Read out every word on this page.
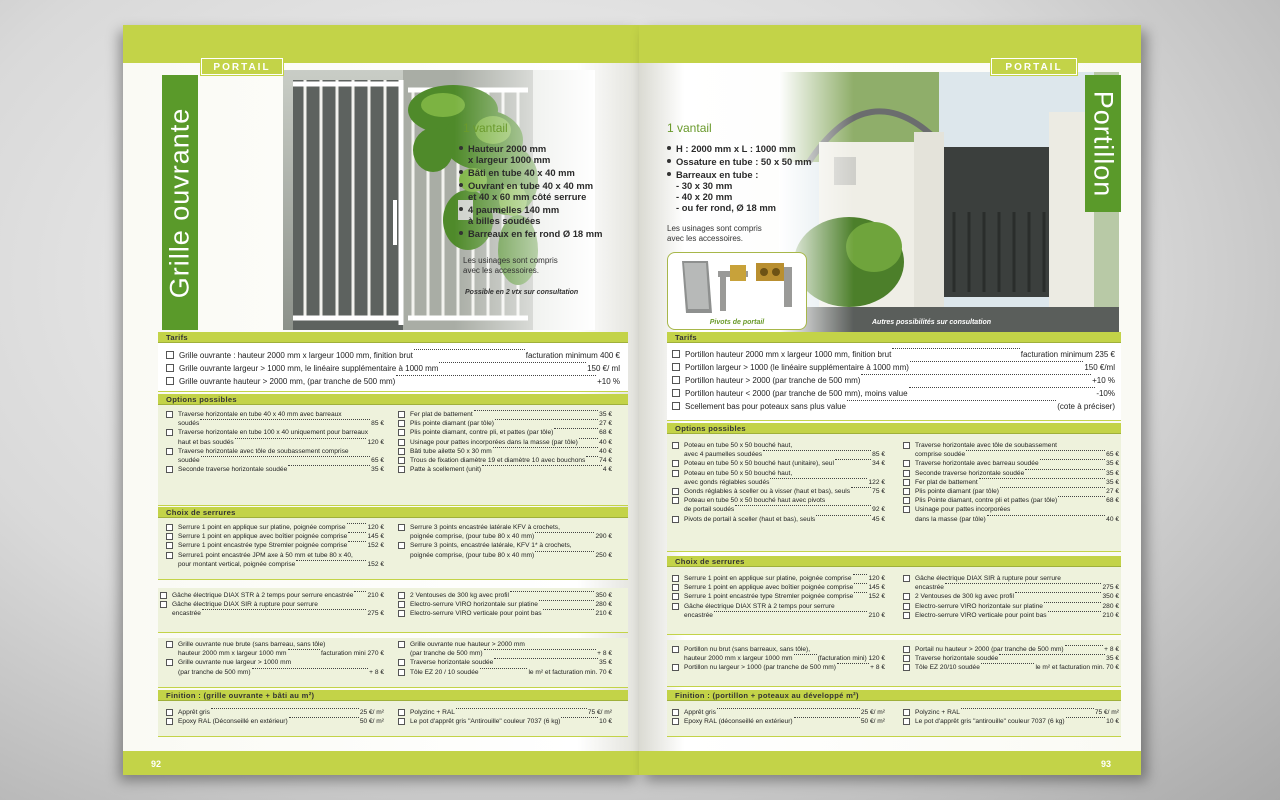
PORTAIL
Grille ouvrante	1 vantail
Hauteur 2000 mm
x largeur 1000 mm
Bâti en tube 40 x 40 mm
Ouvrant en tube 40 x 40 mm
et 40 x 60 mm côté serrure
4 paumelles 140 mm
à billes soudées
Barreaux en fer rond Ø 18 mm
Les usinages sont compris
avec les accessoires.
Possible en 2 vtx sur consultation
Tarifs
Grille ouvrante : hauteur 2000 mm x largeur 1000 mm, finition brut	facturation minimum 400 €
Grille ouvrante largeur > 1000 mm, le linéaire supplémentaire à 1000 mm	150 €/ ml
Grille ouvrante hauteur > 2000 mm, (par tranche de 500 mm)	+10 %
Options possibles
Traverse horizontale en tube 40 x 40 mm avec barreaux
soudés	85 €
Traverse horizontale en tube 100 x 40 uniquement pour barreaux
haut et bas soudés	120 €
Traverse horizontale avec tôle de soubassement comprise
soudée	65 €
Seconde traverse horizontale soudée	35 €
Fer plat de battement	35 €
Plis pointe diamant (par tôle)	27 €
Plis pointe diamant, contre pli, et pattes (par tôle)	68 €
Usinage pour pattes incorporées dans la masse (par tôle)	40 €
Bâti tube ailette 50 x 30 mm	40 €
Trous de fixation diamètre 19 et diamètre 10 avec bouchons 74 €
Patte à scellement (unit)	4 €
Choix de serrures
Serrure 1 point en applique sur platine, poignée comprise	120 €
Serrure 1 point en applique avec boîtier poignée comprise	145 €
Serrure 1 point encastrée type Stremler poignée comprise	152 €
Serrure1 point encastrée JPM axe à 50 mm et tube 80 x 40,
pour montant vertical, poignée comprise	152 €
Serrure 3 points encastrée latérale KFV à crochets,
poignée comprise, (pour tube 80 x 40 mm)	290 €
Serrure 3 points, encastrée latérale, KFV 1* à crochets,
poignée comprise, (pour tube 80 x 40 mm)	250 €
Gâche électrique DIAX STR à 2 temps pour serrure encastrée 210 €
Gâche électrique DIAX SIR à rupture pour serrure
encastrée	275 €
2 Ventouses de 300 kg avec profil	350 €
Electro-serrure VIRO horizontale sur platine	280 €
Electro-serrure VIRO verticale pour point bas	210 €
Grille ouvrante nue brute (sans barreau, sans tôle)
hauteur 2000 mm x largeur 1000 mm	facturation mini 270 €
Grille ouvrante nue largeur > 1000 mm
(par tranche de 500 mm)	+ 8 €
Grille ouvrante nue hauteur > 2000 mm
(par tranche de 500 mm)	+ 8 €
Traverse horizontale soudée	35 €
Tôle EZ 20 / 10 soudée	le m² et facturation min. 70 €
Finition : (grille ouvrante + bâti au m²)
Apprêt gris	25 €/ m²
Epoxy RAL (Déconseillé en extérieur)	50 €/ m²
Polyzinc + RAL	75 €/ m²
Le pot d'apprêt gris "Antirouille" couleur 7037 (6 kg)	10 €
92
Autres possibilités sur consultation
PORTAIL
Portillon
1 vantail
H : 2000 mm x L : 1000 mm
Ossature en tube : 50 x 50 mm
Barreaux en tube :
- 30 x 30 mm
- 40 x 20 mm
- ou fer rond, Ø 18 mm
Les usinages sont compris
avec les accessoires.
Pivots de portail
Tarifs
Portillon hauteur 2000 mm x largeur 1000 mm, finition brut	facturation minimum 235 €
Portillon largeur > 1000 (le linéaire supplémentaire à 1000 mm)	150 €/ml
Portillon hauteur > 2000 (par tranche de 500 mm)	+10 %
Portillon hauteur < 2000 (par tranche de 500 mm), moins value	-10%
Scellement bas pour poteaux sans plus value	(cote à préciser)
Options possibles
Poteau en tube 50 x 50 bouché haut,
avec 4 paumelles soudées	85 €
Poteau en tube 50 x 50 bouché haut (unitaire), seul	34 €
Poteau en tube 50 x 50 bouché haut,
avec gonds réglables soudés	122 €
Gonds réglables à sceller ou à visser (haut et bas), seuls	75 €
Poteau en tube 50 x 50 bouché haut avec pivots
de portail soudés	92 €
Pivots de portail à sceller (haut et bas), seuls	45 €
Traverse horizontale avec tôle de soubassement
comprise soudée	65 €
Traverse horizontale avec barreau soudée	35 €
Seconde traverse horizontale soudée	35 €
Fer plat de battement	35 €
Plis pointe diamant (par tôle)	27 €
Plis Pointe diamant, contre pli et pattes (par tôle)	68 €
Usinage pour pattes incorporées
dans la masse (par tôle)	40 €
Choix de serrures
Serrure 1 point en applique sur platine, poignée comprise	120 €
Serrure 1 point en applique avec boîtier poignée comprise 145 €
Serrure 1 point encastrée type Stremler poignée comprise 152 €
Gâche électrique DIAX STR à 2 temps pour serrure
encastrée	210 €
Gâche électrique DIAX SIR à rupture pour serrure
encastrée	275 €
2 Ventouses de 300 kg avec profil	350 €
Electro-serrure VIRO horizontale sur platine	280 €
Electro-serrure VIRO verticale pour point bas	210 €
Portillon nu brut (sans barreaux, sans tôle),
hauteur 2000 mm x largeur 1000 mm	(facturation mini) 120 €
Portillon nu largeur > 1000 (par tranche de 500 mm)	+ 8 €
Portail nu hauteur > 2000 (par tranche de 500 mm)	+ 8 €
Traverse horizontale soudée	35 €
Tôle EZ 20/10 soudée	le m² et facturation min. 70 €
Finition : (portillon + poteaux au développé m²)
Apprêt gris	25 €/ m²
Epoxy RAL (déconseillé en extérieur)	50 €/ m²
Polyzinc + RAL	75 €/ m²
Le pot d'apprêt gris "antirouille" couleur 7037 (6 kg)	10 €
93
